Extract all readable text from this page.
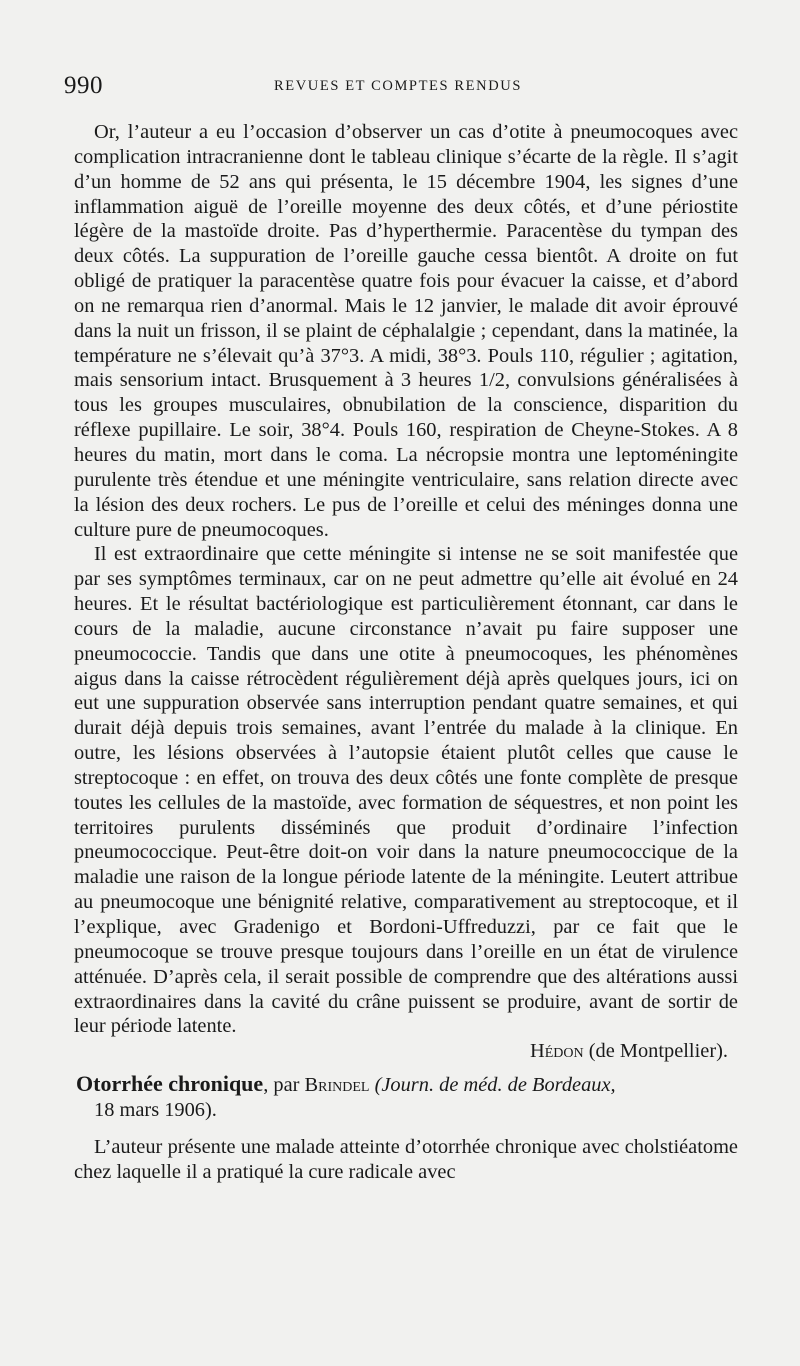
990	REVUES ET COMPTES RENDUS

Or, l’auteur a eu l’occasion d’observer un cas d’otite à pneumocoques avec complication intracranienne dont le tableau clinique s’écarte de la règle. Il s’agit d’un homme de 52 ans qui présenta, le 15 décembre 1904, les signes d’une inflammation aiguë de l’oreille moyenne des deux côtés, et d’une périostite légère de la mastoïde droite. Pas d’hyperthermie. Paracentèse du tympan des deux côtés. La suppuration de l’oreille gauche cessa bientôt. A droite on fut obligé de pratiquer la paracentèse quatre fois pour évacuer la caisse, et d’abord on ne remarqua rien d’anormal. Mais le 12 janvier, le malade dit avoir éprouvé dans la nuit un frisson, il se plaint de céphalalgie ; cependant, dans la matinée, la température ne s’élevait qu’à 37°3. A midi, 38°3. Pouls 110, régulier ; agitation, mais sensorium intact. Brusquement à 3 heures 1/2, convulsions généralisées à tous les groupes musculaires, obnubilation de la conscience, disparition du réflexe pupillaire. Le soir, 38°4. Pouls 160, respiration de Cheyne-Stokes. A 8 heures du matin, mort dans le coma. La nécropsie montra une leptoméningite purulente très étendue et une méningite ventriculaire, sans relation directe avec la lésion des deux rochers. Le pus de l’oreille et celui des méninges donna une culture pure de pneumocoques.

Il est extraordinaire que cette méningite si intense ne se soit manifestée que par ses symptômes terminaux, car on ne peut admettre qu’elle ait évolué en 24 heures. Et le résultat bactériologique est particulièrement étonnant, car dans le cours de la maladie, aucune circonstance n’avait pu faire supposer une pneumococcie. Tandis que dans une otite à pneumocoques, les phénomènes aigus dans la caisse rétrocèdent régulièrement déjà après quelques jours, ici on eut une suppuration observée sans interruption pendant quatre semaines, et qui durait déjà depuis trois semaines, avant l’entrée du malade à la clinique. En outre, les lésions observées à l’autopsie étaient plutôt celles que cause le streptocoque : en effet, on trouva des deux côtés une fonte complète de presque toutes les cellules de la mastoïde, avec formation de séquestres, et non point les territoires purulents disséminés que produit d’ordinaire l’infection pneumococcique. Peut-être doit-on voir dans la nature pneumococcique de la maladie une raison de la longue période latente de la méningite. Leutert attribue au pneumocoque une bénignité relative, comparativement au streptocoque, et il l’explique, avec Gradenigo et Bordoni-Uffreduzzi, par ce fait que le pneumocoque se trouve presque toujours dans l’oreille en un état de virulence atténuée. D’après cela, il serait possible de comprendre que des altérations aussi extraordinaires dans la cavité du crâne puissent se produire, avant de sortir de leur période latente.

Hédon (de Montpellier).

Otorrhée chronique, par Brindel (Journ. de méd. de Bordeaux,
18 mars 1906).

L’auteur présente une malade atteinte d’otorrhée chronique avec cholstiéatome chez laquelle il a pratiqué la cure radicale avec
